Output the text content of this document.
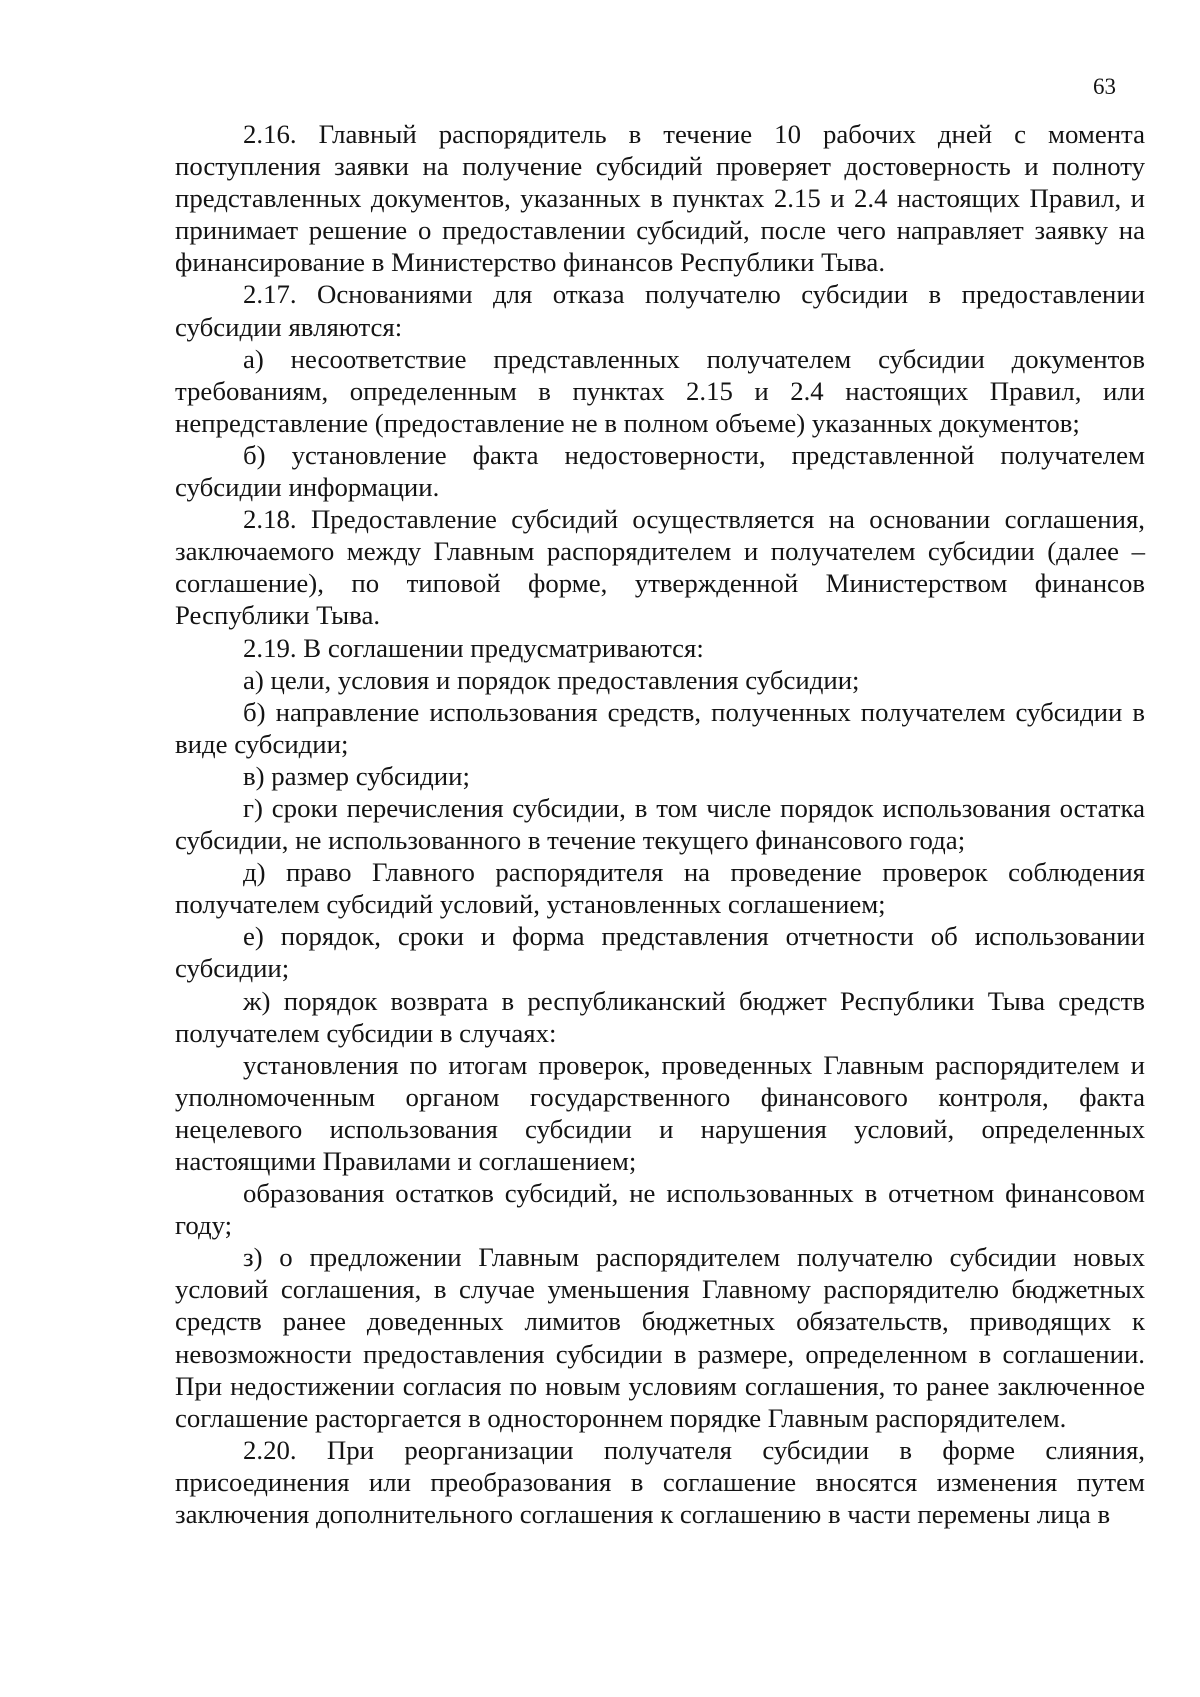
63

2.16. Главный распорядитель в течение 10 рабочих дней с момента поступления заявки на получение субсидий проверяет достоверность и полноту представленных документов, указанных в пунктах 2.15 и 2.4 настоящих Правил, и принимает решение о предоставлении субсидий, после чего направляет заявку на финансирование в Министерство финансов Республики Тыва.

2.17. Основаниями для отказа получателю субсидии в предоставлении субсидии являются:

а) несоответствие представленных получателем субсидии документов требованиям, определенным в пунктах 2.15 и 2.4 настоящих Правил, или непредставление (предоставление не в полном объеме) указанных документов;

б) установление факта недостоверности, представленной получателем субсидии информации.

2.18. Предоставление субсидий осуществляется на основании соглашения, заключаемого между Главным распорядителем и получателем субсидии (далее – соглашение), по типовой форме, утвержденной Министерством финансов Республики Тыва.

2.19. В соглашении предусматриваются:

а) цели, условия и порядок предоставления субсидии;

б) направление использования средств, полученных получателем субсидии в виде субсидии;

в) размер субсидии;

г) сроки перечисления субсидии, в том числе порядок использования остатка субсидии, не использованного в течение текущего финансового года;

д) право Главного распорядителя на проведение проверок соблюдения получателем субсидий условий, установленных соглашением;

е) порядок, сроки и форма представления отчетности об использовании субсидии;

ж) порядок возврата в республиканский бюджет Республики Тыва средств получателем субсидии в случаях:

установления по итогам проверок, проведенных Главным распорядителем и уполномоченным органом государственного финансового контроля, факта нецелевого использования субсидии и нарушения условий, определенных настоящими Правилами и соглашением;

образования остатков субсидий, не использованных в отчетном финансовом году;

з) о предложении Главным распорядителем получателю субсидии новых условий соглашения, в случае уменьшения Главному распорядителю бюджетных средств ранее доведенных лимитов бюджетных обязательств, приводящих к невозможности предоставления субсидии в размере, определенном в соглашении. При недостижении согласия по новым условиям соглашения, то ранее заключенное соглашение расторгается в одностороннем порядке Главным распорядителем.

2.20. При реорганизации получателя субсидии в форме слияния, присоединения или преобразования в соглашение вносятся изменения путем заключения дополнительного соглашения к соглашению в части перемены лица в
